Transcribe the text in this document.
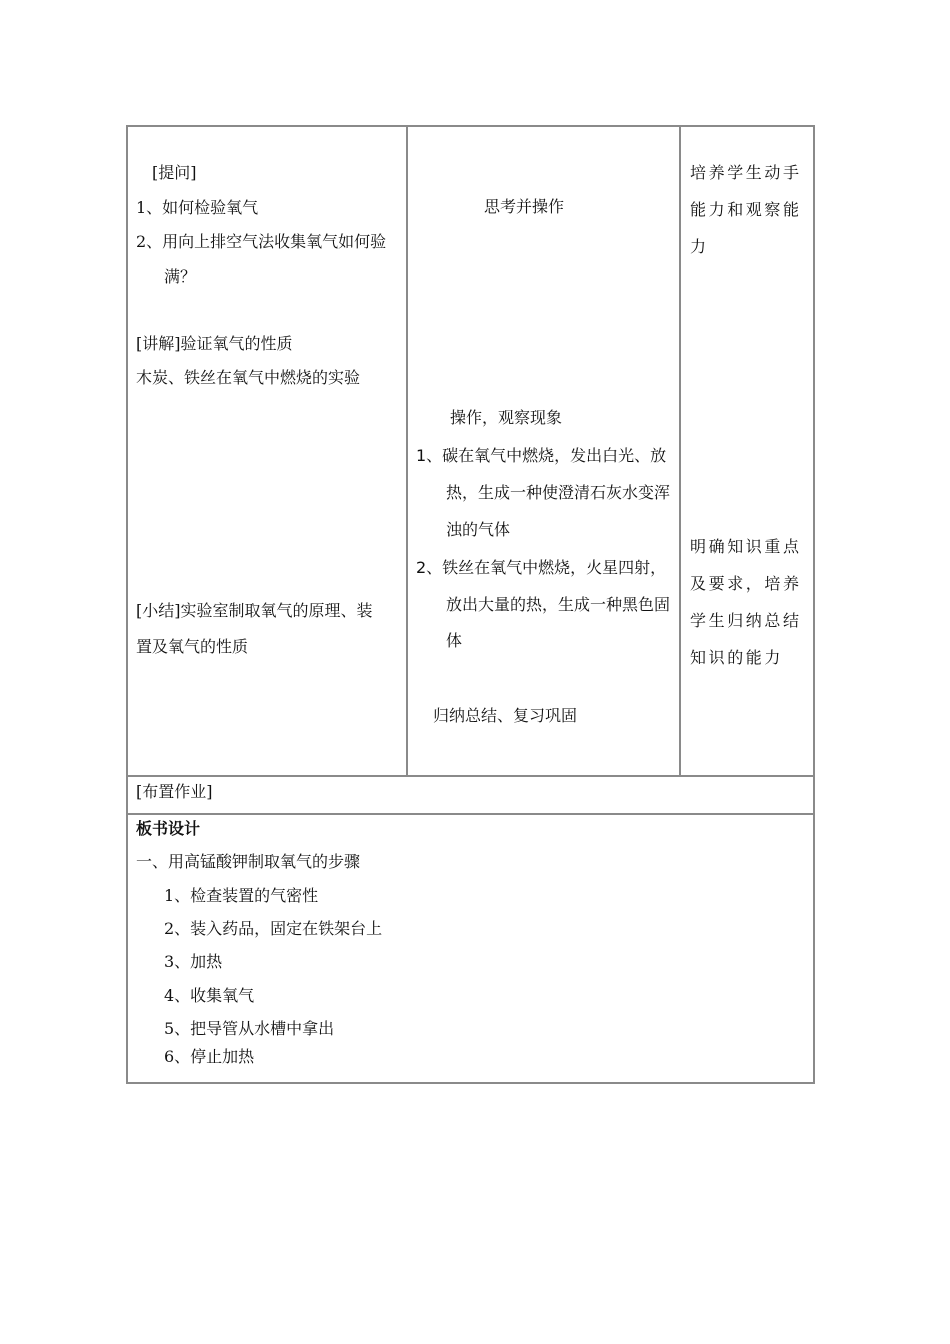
[提问]
1、如何检验氧气
2、用向上排空气法收集氧气如何验
满？
[讲解]验证氧气的性质
木炭、铁丝在氧气中燃烧的实验
[小结]实验室制取氧气的原理、装
置及氧气的性质
思考并操作
操作，观察现象
1、碳在氧气中燃烧，发出白光、放
热，生成一种使澄清石灰水变浑
浊的气体
2、铁丝在氧气中燃烧，火星四射，
放出大量的热，生成一种黑色固
体
归纳总结、复习巩固
培养学生动手
能力和观察能
力
明确知识重点
及要求，培养
学生归纳总结
知识的能力
[布置作业]
板书设计
一、用高锰酸钾制取氧气的步骤
1、检查装置的气密性
2、装入药品，固定在铁架台上
3、加热
4、收集氧气
5、把导管从水槽中拿出
6、停止加热
